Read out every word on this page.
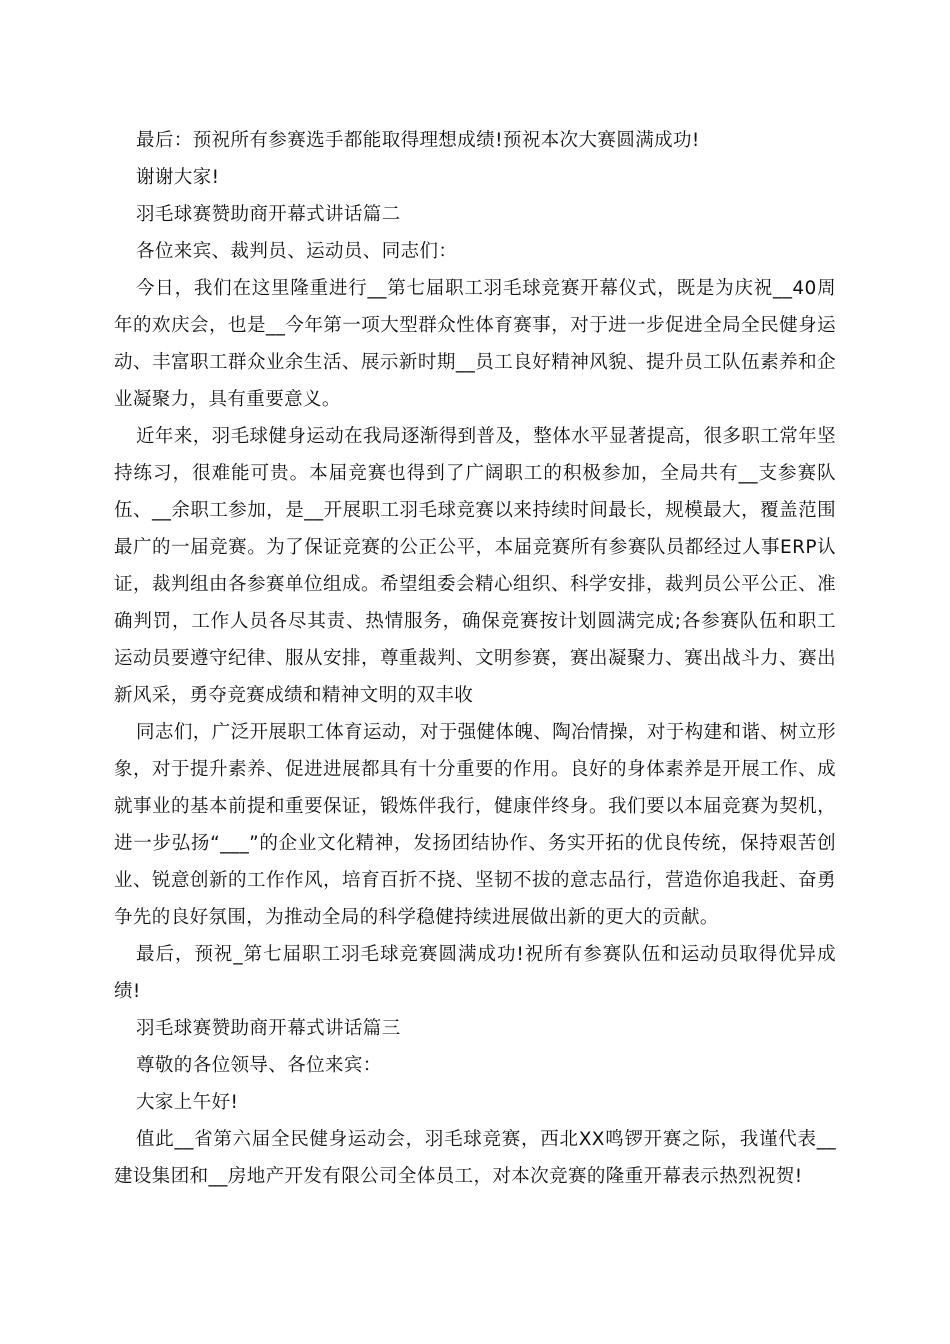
最后：预祝所有参赛选手都能取得理想成绩!预祝本次大赛圆满成功!

谢谢大家!

羽毛球赛赞助商开幕式讲话篇二

各位来宾、裁判员、运动员、同志们：

今日，我们在这里隆重进行__第七届职工羽毛球竞赛开幕仪式，既是为庆祝__40周年的欢庆会，也是__今年第一项大型群众性体育赛事，对于进一步促进全局全民健身运动、丰富职工群众业余生活、展示新时期__员工良好精神风貌、提升员工队伍素养和企业凝聚力，具有重要意义。

近年来，羽毛球健身运动在我局逐渐得到普及，整体水平显著提高，很多职工常年坚持练习，很难能可贵。本届竞赛也得到了广阔职工的积极参加，全局共有__支参赛队伍、__余职工参加，是__开展职工羽毛球竞赛以来持续时间最长，规模最大，覆盖范围最广的一届竞赛。为了保证竞赛的公正公平，本届竞赛所有参赛队员都经过人事ERP认证，裁判组由各参赛单位组成。希望组委会精心组织、科学安排，裁判员公平公正、准确判罚，工作人员各尽其责、热情服务，确保竞赛按计划圆满完成;各参赛队伍和职工运动员要遵守纪律、服从安排，尊重裁判、文明参赛，赛出凝聚力、赛出战斗力、赛出新风采，勇夺竞赛成绩和精神文明的双丰收

同志们，广泛开展职工体育运动，对于强健体魄、陶冶情操，对于构建和谐、树立形象，对于提升素养、促进进展都具有十分重要的作用。良好的身体素养是开展工作、成就事业的基本前提和重要保证，锻炼伴我行，健康伴终身。我们要以本届竞赛为契机，进一步弘扬“___”的企业文化精神，发扬团结协作、务实开拓的优良传统，保持艰苦创业、锐意创新的工作作风，培育百折不挠、坚韧不拔的意志品行，营造你追我赶、奋勇争先的良好氛围，为推动全局的科学稳健持续进展做出新的更大的贡献。

最后，预祝_第七届职工羽毛球竞赛圆满成功!祝所有参赛队伍和运动员取得优异成绩!

羽毛球赛赞助商开幕式讲话篇三

尊敬的各位领导、各位来宾：

大家上午好!

值此__省第六届全民健身运动会，羽毛球竞赛，西北XX鸣锣开赛之际，我谨代表__建设集团和__房地产开发有限公司全体员工，对本次竞赛的隆重开幕表示热烈祝贺!
